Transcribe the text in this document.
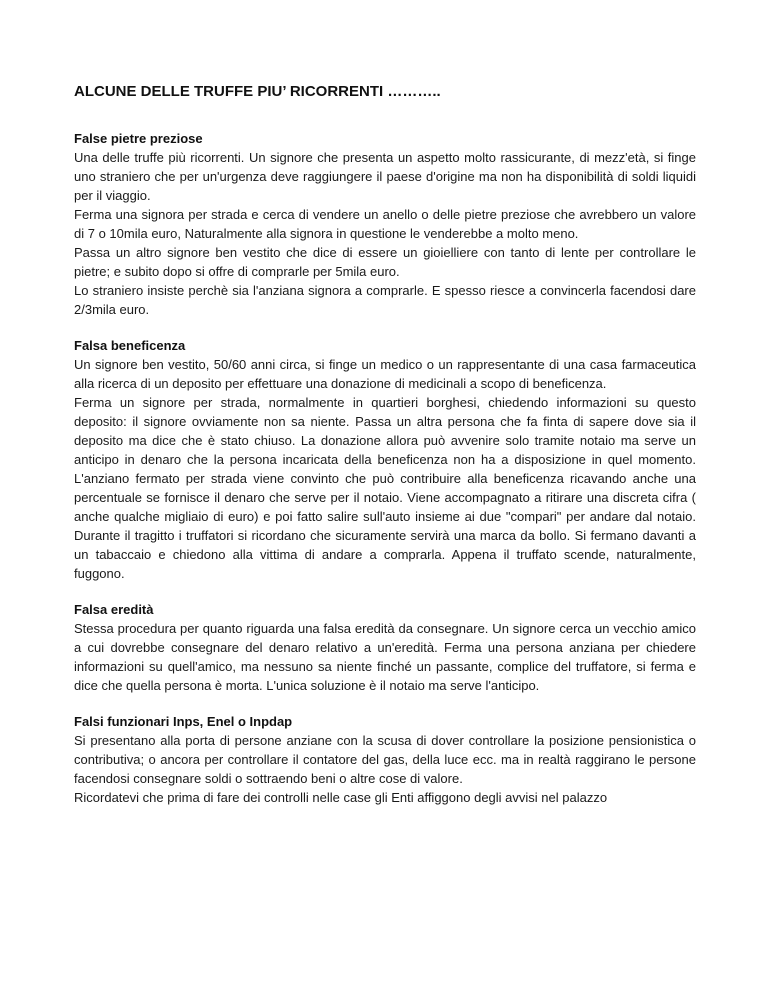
ALCUNE DELLE TRUFFE PIU’ RICORRENTI ………..
False pietre preziose

Una delle truffe più ricorrenti. Un signore che presenta un aspetto molto rassicurante, di mezz'età, si finge uno straniero che per un'urgenza deve raggiungere il paese d'origine ma non ha disponibilità di soldi liquidi per il viaggio.

Ferma una signora per strada e cerca di vendere un anello o delle pietre preziose che avrebbero un valore di 7 o 10mila euro, Naturalmente alla signora in questione le venderebbe a molto meno.

Passa un altro signore ben vestito che dice di essere un gioielliere con tanto di lente per controllare le pietre; e subito dopo si offre di comprarle per 5mila euro.

Lo straniero insiste perchè sia l'anziana signora a comprarle. E spesso riesce a convincerla facendosi dare 2/3mila euro.

Falsa beneficenza

Un signore ben vestito, 50/60 anni circa, si finge un medico o un rappresentante di una casa farmaceutica alla ricerca di un deposito per effettuare una donazione di medicinali a scopo di beneficenza.

Ferma un signore per strada, normalmente in quartieri borghesi, chiedendo informazioni su questo deposito: il signore ovviamente non sa niente. Passa un altra persona che fa finta di sapere dove sia il deposito ma dice che è stato chiuso. La donazione allora può avvenire solo tramite notaio ma serve un anticipo in denaro che la persona incaricata della beneficenza non ha a disposizione in quel momento. L'anziano fermato per strada viene convinto che può contribuire alla beneficenza ricavando anche una percentuale se fornisce il denaro che serve per il notaio. Viene accompagnato a ritirare una discreta cifra ( anche qualche migliaio di euro) e poi fatto salire sull'auto insieme ai due "compari" per andare dal notaio. Durante il tragitto i truffatori si ricordano che sicuramente servirà una marca da bollo. Si fermano davanti a un tabaccaio e chiedono alla vittima di andare a comprarla. Appena il truffato scende, naturalmente, fuggono.

Falsa eredità

Stessa procedura per quanto riguarda una falsa eredità da consegnare. Un signore cerca un vecchio amico a cui dovrebbe consegnare del denaro relativo a un'eredità. Ferma una persona anziana per chiedere informazioni su quell'amico, ma nessuno sa niente finché un passante, complice del truffatore, si ferma e dice che quella persona è morta. L'unica soluzione è il notaio ma serve l'anticipo.

Falsi funzionari Inps, Enel o Inpdap

Si presentano alla porta di persone anziane con la scusa di dover controllare la posizione pensionistica o contributiva; o ancora per controllare il contatore del gas, della luce ecc. ma in realtà raggirano le persone facendosi consegnare soldi o sottraendo beni o altre cose di valore.

Ricordatevi che prima di fare dei controlli nelle case gli Enti affiggono degli avvisi nel palazzo
